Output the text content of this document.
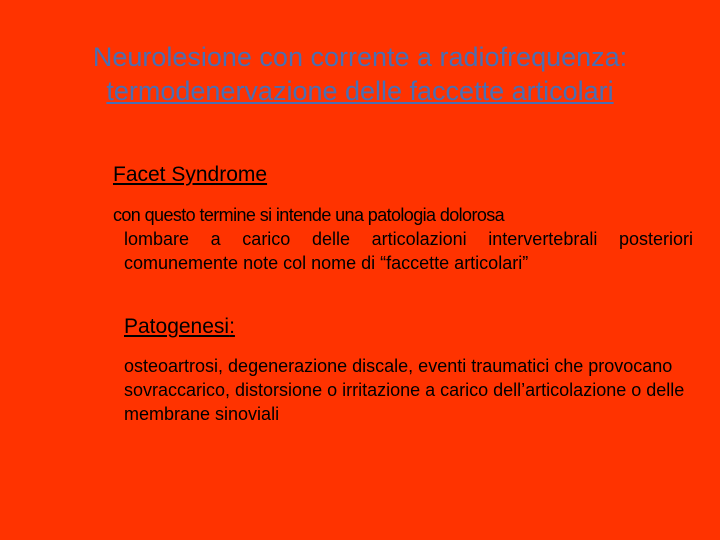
Neurolesione con corrente a radiofrequenza:
termodenervazione delle faccette articolari
Facet Syndrome
con questo termine si intende una patologia dolorosa
lombare a carico delle articolazioni intervertebrali posteriori comunemente note col nome di “faccette articolari”
Patogenesi:
osteoartrosi, degenerazione discale, eventi traumatici che provocano sovraccarico, distorsione o irritazione a carico dell’articolazione o delle membrane sinoviali
